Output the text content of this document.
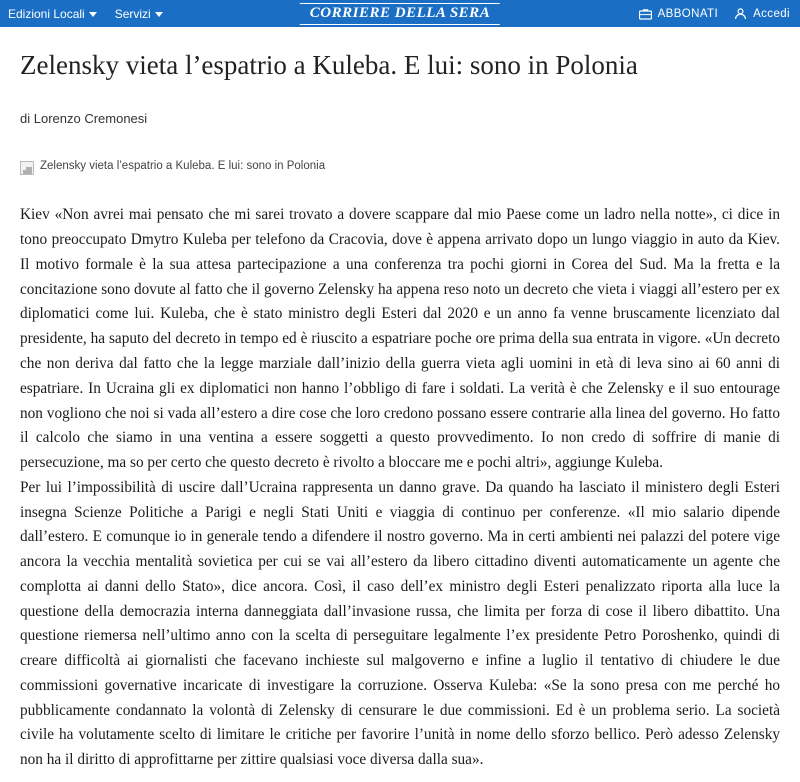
Edizioni Locali	Servizi	CORRIERE DELLA SERA	ABBONATI	Accedi
Zelensky vieta l’espatrio a Kuleba. E lui: sono in Polonia
di Lorenzo Cremonesi
Zelensky vieta l’espatrio a Kuleba. E lui: sono in Polonia

Kiev «Non avrei mai pensato che mi sarei trovato a dovere scappare dal mio Paese come un ladro nella notte», ci dice in tono preoccupato Dmytro Kuleba per telefono da Cracovia, dove è appena arrivato dopo un lungo viaggio in auto da Kiev. Il motivo formale è la sua attesa partecipazione a una conferenza tra pochi giorni in Corea del Sud. Ma la fretta e la concitazione sono dovute al fatto che il governo Zelensky ha appena reso noto un decreto che vieta i viaggi all’estero per ex diplomatici come lui. Kuleba, che è stato ministro degli Esteri dal 2020 e un anno fa venne bruscamente licenziato dal presidente, ha saputo del decreto in tempo ed è riuscito a espatriare poche ore prima della sua entrata in vigore. «Un decreto che non deriva dal fatto che la legge marziale dall’inizio della guerra vieta agli uomini in età di leva sino ai 60 anni di espatriare. In Ucraina gli ex diplomatici non hanno l’obbligo di fare i soldati. La verità è che Zelensky e il suo entourage non vogliono che noi si vada all’estero a dire cose che loro credono possano essere contrarie alla linea del governo. Ho fatto il calcolo che siamo in una ventina a essere soggetti a questo provvedimento. Io non credo di soffrire di manie di persecuzione, ma so per certo che questo decreto è rivolto a bloccare me e pochi altri», aggiunge Kuleba.

Per lui l’impossibilità di uscire dall’Ucraina rappresenta un danno grave. Da quando ha lasciato il ministero degli Esteri insegna Scienze Politiche a Parigi e negli Stati Uniti e viaggia di continuo per conferenze. «Il mio salario dipende dall’estero. E comunque io in generale tendo a difendere il nostro governo. Ma in certi ambienti nei palazzi del potere vige ancora la vecchia mentalità sovietica per cui se vai all’estero da libero cittadino diventi automaticamente un agente che complotta ai danni dello Stato», dice ancora. Così, il caso dell’ex ministro degli Esteri penalizzato riporta alla luce la questione della democrazia interna danneggiata dall’invasione russa, che limita per forza di cose il libero dibattito. Una questione riemersa nell’ultimo anno con la scelta di perseguitare legalmente l’ex presidente Petro Poroshenko, quindi di creare difficoltà ai giornalisti che facevano inchieste sul malgoverno e infine a luglio il tentativo di chiudere le due commissioni governative incaricate di investigare la corruzione. Osserva Kuleba: «Se la sono presa con me perché ho pubblicamente condannato la volontà di Zelensky di censurare le due commissioni. Ed è un problema serio. La società civile ha volutamente scelto di limitare le critiche per favorire l’unità in nome dello sforzo bellico. Però adesso Zelensky non ha il diritto di approfittarne per zittire qualsiasi voce diversa dalla sua».
